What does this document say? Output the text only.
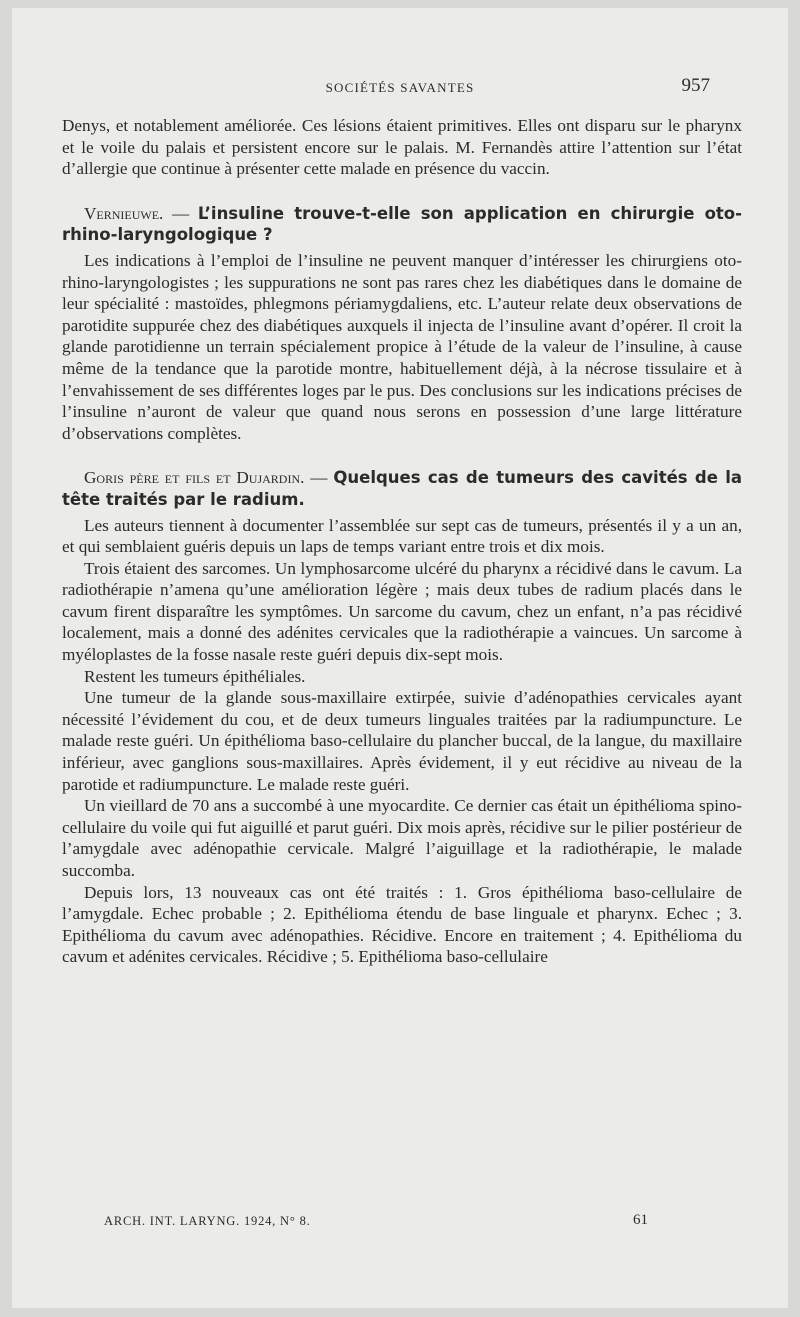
SOCIÉTÉS SAVANTES	957

Denys, et notablement améliorée. Ces lésions étaient primitives. Elles ont disparu sur le pharynx et le voile du palais et persistent encore sur le palais. M. Fernandès attire l’attention sur l’état d’allergie que continue à présenter cette malade en présence du vaccin.

Vernieuwe. — L’insuline trouve-t-elle son application en chirurgie oto-rhino-laryngologique ?

Les indications à l’emploi de l’insuline ne peuvent manquer d’intéresser les chirurgiens oto-rhino-laryngologistes ; les suppurations ne sont pas rares chez les diabétiques dans le domaine de leur spécialité : mastoïdes, phlegmons périamygdaliens, etc. L’auteur relate deux observations de parotidite suppurée chez des diabétiques auxquels il injecta de l’insuline avant d’opérer. Il croit la glande parotidienne un terrain spécialement propice à l’étude de la valeur de l’insuline, à cause même de la tendance que la parotide montre, habituellement déjà, à la nécrose tissulaire et à l’envahissement de ses différentes loges par le pus. Des conclusions sur les indications précises de l’insuline n’auront de valeur que quand nous serons en possession d’une large littérature d’observations complètes.

Goris père et fils et Dujardin. — Quelques cas de tumeurs des cavités de la tête traités par le radium.

Les auteurs tiennent à documenter l’assemblée sur sept cas de tumeurs, présentés il y a un an, et qui semblaient guéris depuis un laps de temps variant entre trois et dix mois.

Trois étaient des sarcomes. Un lymphosarcome ulcéré du pharynx a récidivé dans le cavum. La radiothérapie n’amena qu’une amélioration légère ; mais deux tubes de radium placés dans le cavum firent disparaître les symptômes. Un sarcome du cavum, chez un enfant, n’a pas récidivé localement, mais a donné des adénites cervicales que la radiothérapie a vaincues. Un sarcome à myéloplastes de la fosse nasale reste guéri depuis dix-sept mois.

Restent les tumeurs épithéliales.

Une tumeur de la glande sous-maxillaire extirpée, suivie d’adénopathies cervicales ayant nécessité l’évidement du cou, et de deux tumeurs linguales traitées par la radiumpuncture. Le malade reste guéri. Un épithélioma baso-cellulaire du plancher buccal, de la langue, du maxillaire inférieur, avec ganglions sous-maxillaires. Après évidement, il y eut récidive au niveau de la parotide et radiumpuncture. Le malade reste guéri.

Un vieillard de 70 ans a succombé à une myocardite. Ce dernier cas était un épithélioma spino-cellulaire du voile qui fut aiguillé et parut guéri. Dix mois après, récidive sur le pilier postérieur de l’amygdale avec adénopathie cervicale. Malgré l’aiguillage et la radiothérapie, le malade succomba.

Depuis lors, 13 nouveaux cas ont été traités : 1. Gros épithélioma baso-cellulaire de l’amygdale. Echec probable ; 2. Epithélioma étendu de base linguale et pharynx. Echec ; 3. Epithélioma du cavum avec adénopathies. Récidive. Encore en traitement ; 4. Epithélioma du cavum et adénites cervicales. Récidive ; 5. Epithélioma baso-cellulaire

ARCH. INT. LARYNG. 1924, N° 8.	61
